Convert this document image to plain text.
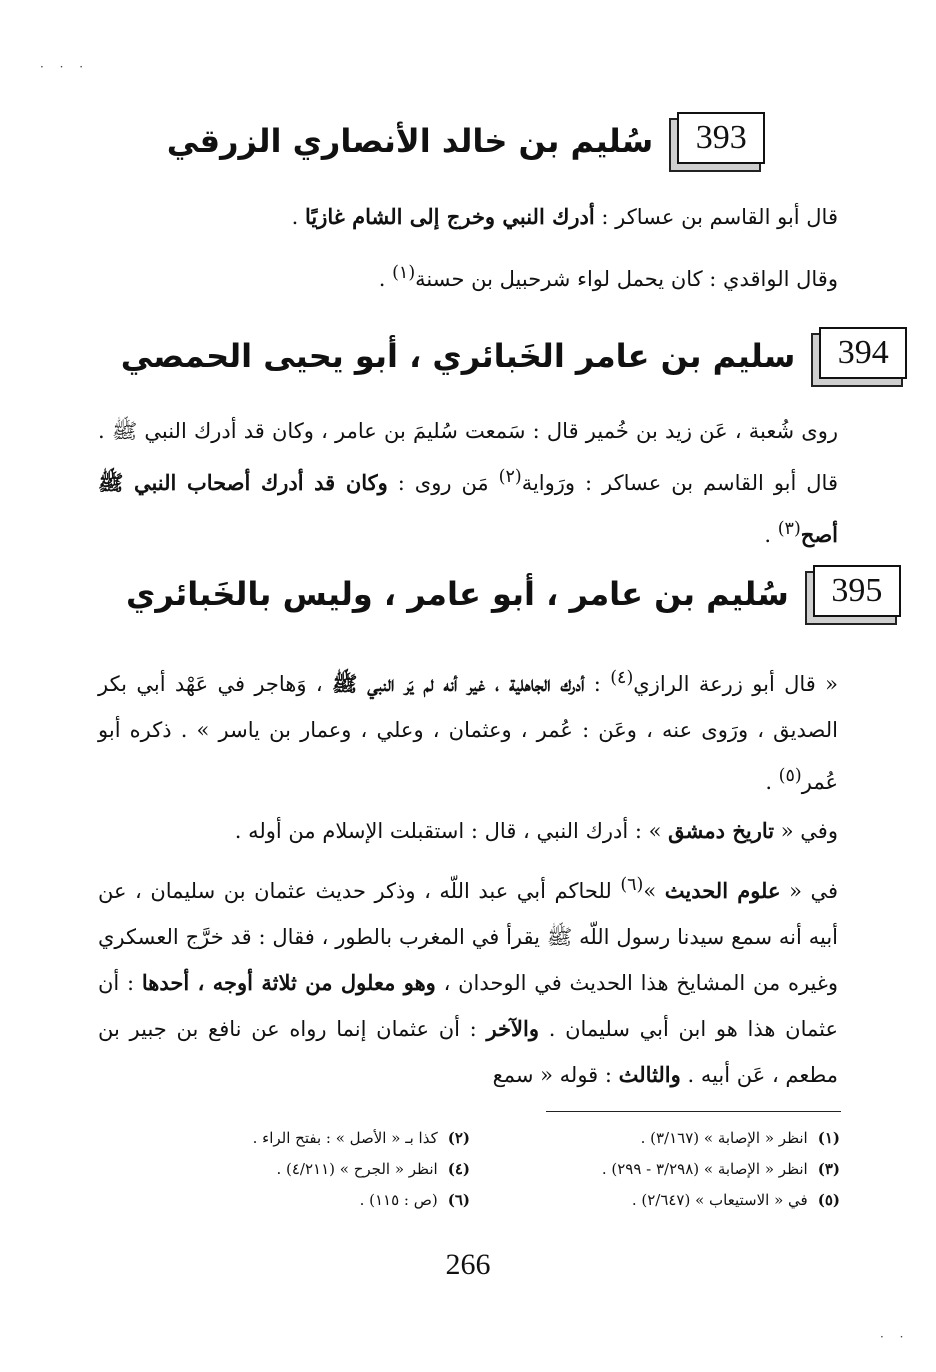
· · ·
· ·
393
سُليم بن خالد الأنصاري الزرقي
قال أبو القاسم بن عساكر : أدرك النبي وخرج إلى الشام غازيًا .
وقال الواقدي : كان يحمل لواء شرحبيل بن حسنة$^{(١)}$ .
394
سليم بن عامر الخَبائري ، أبو يحيى الحمصي
روى شُعبة ، عَن زيد بن خُمير قال : سَمعت سُليمَ بن عامر ، وكان قد أدرك النبي ﷺ . قال أبو القاسم بن عساكر : ورَواية$^{(٢)}$ مَن روى : وكان قد أدرك أصحاب النبي ﷺ أصح$^{(٣)}$ .
395
سُليم بن عامر ، أبو عامر ، وليس بالخَبائري
« قال أبو زرعة الرازي$^{(٤)}$ : أدرك الجاهلية ، غير أنه لم يَر النبي ﷺ ، وَهاجر في عَهْد أبي بكر الصديق ، ورَوى عنه ، وعَن : عُمر ، وعثمان ، وعلي ، وعمار بن ياسر » . ذكره أبو عُمر$^{(٥)}$ .
وفي « تاريخ دمشق » : أدرك النبي ، قال : استقبلت الإسلام من أوله .
في « علوم الحديث »$^{(٦)}$ للحاكم أبي عبد اللّه ، وذكر حديث عثمان بن سليمان ، عن أبيه أنه سمع سيدنا رسول اللّه ﷺ يقرأ في المغرب بالطور ، فقال : قد خرَّج العسكري وغيره من المشايخ هذا الحديث في الوحدان ، وهو معلول من ثلاثة أوجه ، أحدها : أن عثمان هذا هو ابن أبي سليمان . والآخر : أن عثمان إنما رواه عن نافع بن جبير بن مطعم ، عَن أبيه . والثالث : قوله « سمع
(١)انظر « الإصابة » (٣/١٦٧) .
(٢)كذا بـ « الأصل » : بفتح الراء .
(٣)انظر « الإصابة » (٣/٢٩٨ - ٢٩٩) .
(٤)انظر « الجرح » (٤/٢١١) .
(٥)في « الاستيعاب » (٢/٦٤٧) .
(٦)(ص : ١١٥) .
266
